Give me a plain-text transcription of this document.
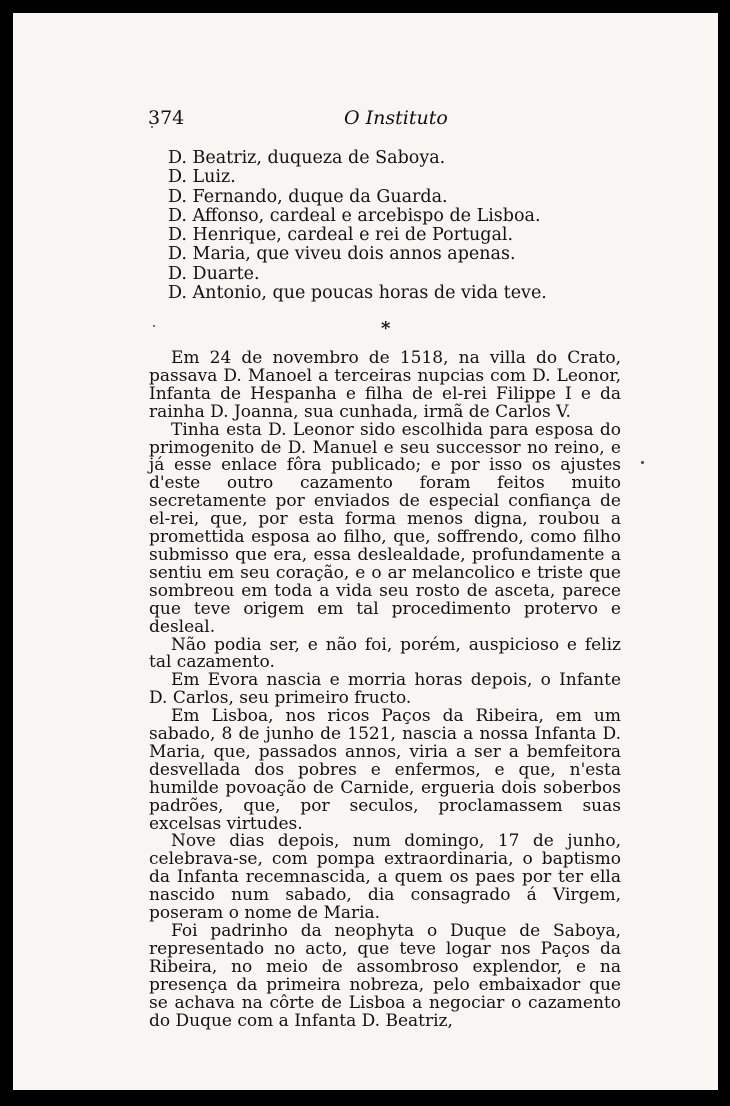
374	O Instituto
D. Beatriz, duqueza de Saboya.
D. Luiz.
D. Fernando, duque da Guarda.
D. Affonso, cardeal e arcebispo de Lisboa.
D. Henrique, cardeal e rei de Portugal.
D. Maria, que viveu dois annos apenas.
D. Duarte.
D. Antonio, que poucas horas de vida teve.
*

Em 24 de novembro de 1518, na villa do Crato, passava D. Manoel a terceiras nupcias com D. Leonor, Infanta de Hespanha e filha de el-rei Filippe I e da rainha D. Joanna, sua cunhada, irmã de Carlos V.

Tinha esta D. Leonor sido escolhida para esposa do primogenito de D. Manuel e seu successor no reino, e já esse enlace fôra publicado; e por isso os ajustes d'este outro cazamento foram feitos muito secretamente por enviados de especial confiança de el-rei, que, por esta forma menos digna, roubou a promettida esposa ao filho, que, soffrendo, como filho submisso que era, essa deslealdade, profundamente a sentiu em seu coração, e o ar melancolico e triste que sombreou em toda a vida seu rosto de asceta, parece que teve origem em tal procedimento protervo e desleal.

Não podia ser, e não foi, porém, auspicioso e feliz tal cazamento.

Em Evora nascia e morria horas depois, o Infante D. Carlos, seu primeiro fructo.

Em Lisboa, nos ricos Paços da Ribeira, em um sabado, 8 de junho de 1521, nascia a nossa Infanta D. Maria, que, passados annos, viria a ser a bemfeitora desvellada dos pobres e enfermos, e que, n'esta humilde povoação de Carnide, ergueria dois soberbos padrões, que, por seculos, proclamassem suas excelsas virtudes.

Nove dias depois, num domingo, 17 de junho, celebrava-se, com pompa extraordinaria, o baptismo da Infanta recemnascida, a quem os paes por ter ella nascido num sabado, dia consagrado á Virgem, poseram o nome de Maria.

Foi padrinho da neophyta o Duque de Saboya, representado no acto, que teve logar nos Paços da Ribeira, no meio de assombroso explendor, e na presença da primeira nobreza, pelo embaixador que se achava na côrte de Lisboa a negociar o cazamento do Duque com a Infanta D. Beatriz,
